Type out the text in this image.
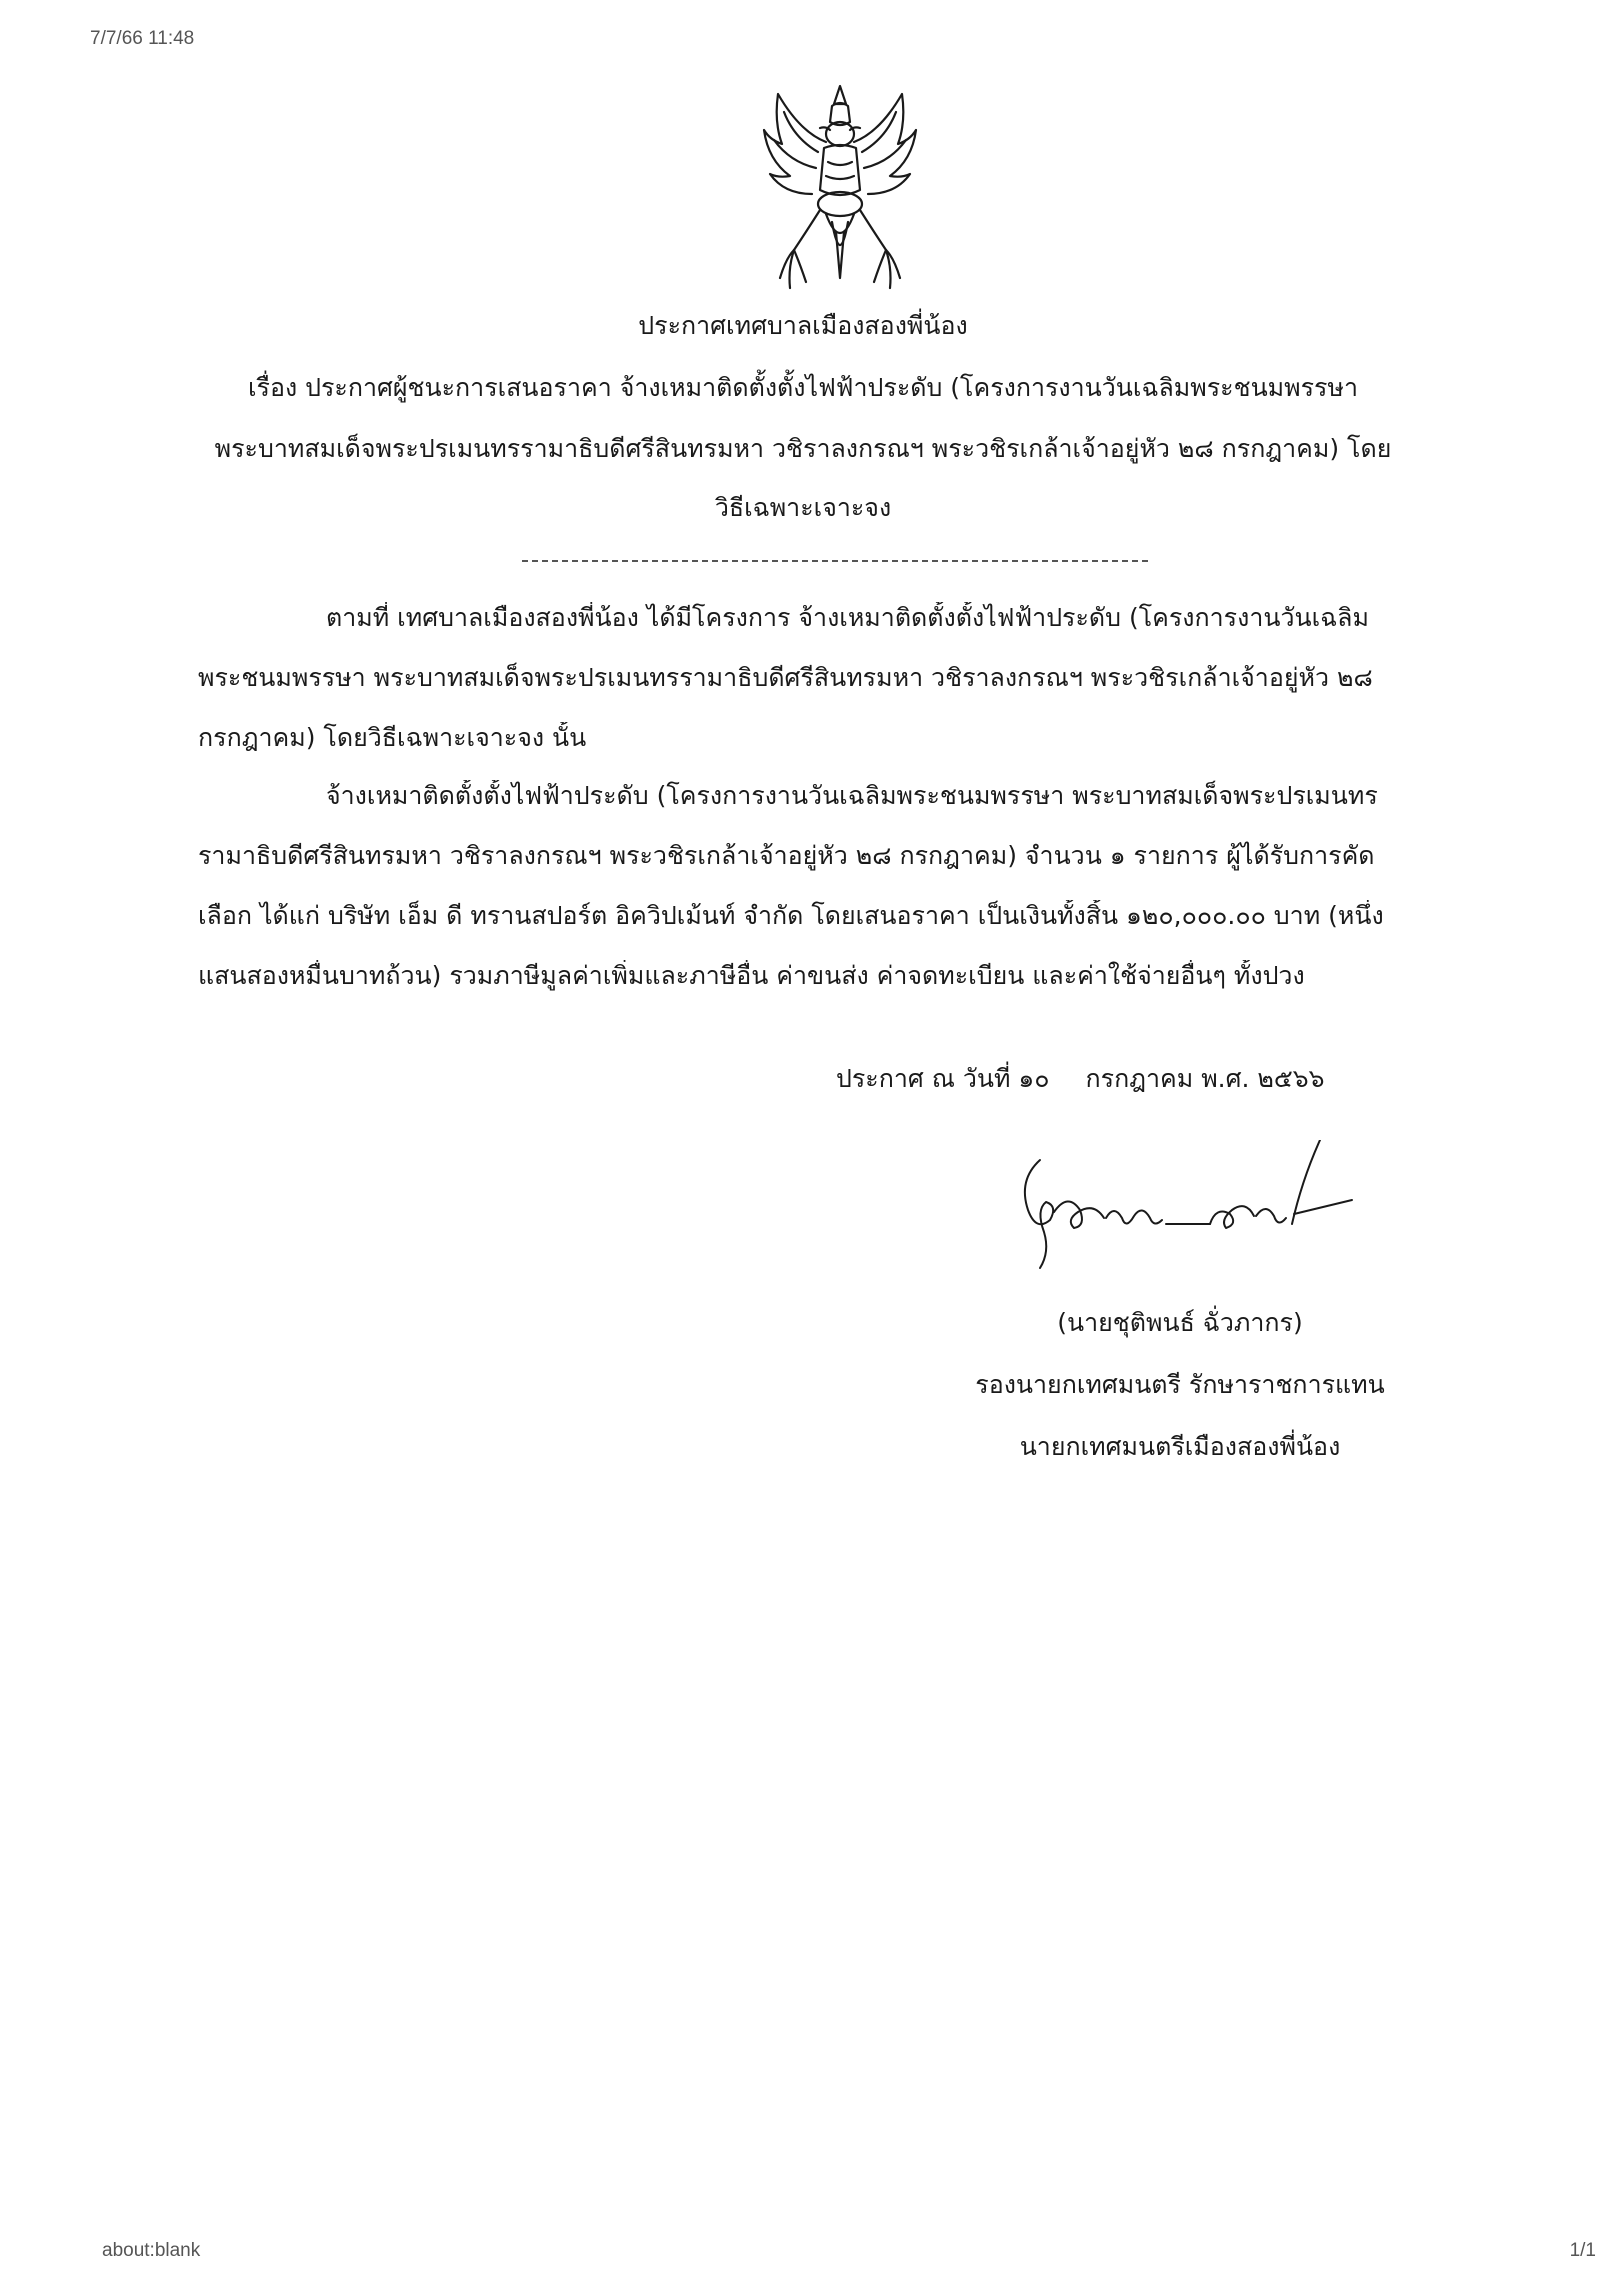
7/7/66 11:48
ประกาศเทศบาลเมืองสองพี่น้อง
เรื่อง ประกาศผู้ชนะการเสนอราคา จ้างเหมาติดตั้งตั้งไฟฟ้าประดับ (โครงการงานวันเฉลิมพระชนมพรรษา
พระบาทสมเด็จพระปรเมนทรรามาธิบดีศรีสินทรมหา วชิราลงกรณฯ พระวชิรเกล้าเจ้าอยู่หัว ๒๘ กรกฎาคม) โดย
วิธีเฉพาะเจาะจง
ตามที่ เทศบาลเมืองสองพี่น้อง ได้มีโครงการ จ้างเหมาติดตั้งตั้งไฟฟ้าประดับ (โครงการงานวันเฉลิม
พระชนมพรรษา พระบาทสมเด็จพระปรเมนทรรามาธิบดีศรีสินทรมหา วชิราลงกรณฯ พระวชิรเกล้าเจ้าอยู่หัว ๒๘
กรกฎาคม) โดยวิธีเฉพาะเจาะจง นั้น
จ้างเหมาติดตั้งตั้งไฟฟ้าประดับ (โครงการงานวันเฉลิมพระชนมพรรษา พระบาทสมเด็จพระปรเมนทร
รามาธิบดีศรีสินทรมหา วชิราลงกรณฯ พระวชิรเกล้าเจ้าอยู่หัว ๒๘ กรกฎาคม) จำนวน ๑ รายการ ผู้ได้รับการคัด
เลือก ได้แก่ บริษัท เอ็ม ดี ทรานสปอร์ต อิควิปเม้นท์ จำกัด โดยเสนอราคา เป็นเงินทั้งสิ้น ๑๒๐,๐๐๐.๐๐ บาท (หนึ่ง
แสนสองหมื่นบาทถ้วน) รวมภาษีมูลค่าเพิ่มและภาษีอื่น ค่าขนส่ง ค่าจดทะเบียน และค่าใช้จ่ายอื่นๆ ทั้งปวง
ประกาศ ณ วันที่ ๑๐ กรกฎาคม พ.ศ. ๒๕๖๖
(นายชุติพนธ์ ฉั่วภากร)
รองนายกเทศมนตรี รักษาราชการแทน
นายกเทศมนตรีเมืองสองพี่น้อง
about:blank	1/1
